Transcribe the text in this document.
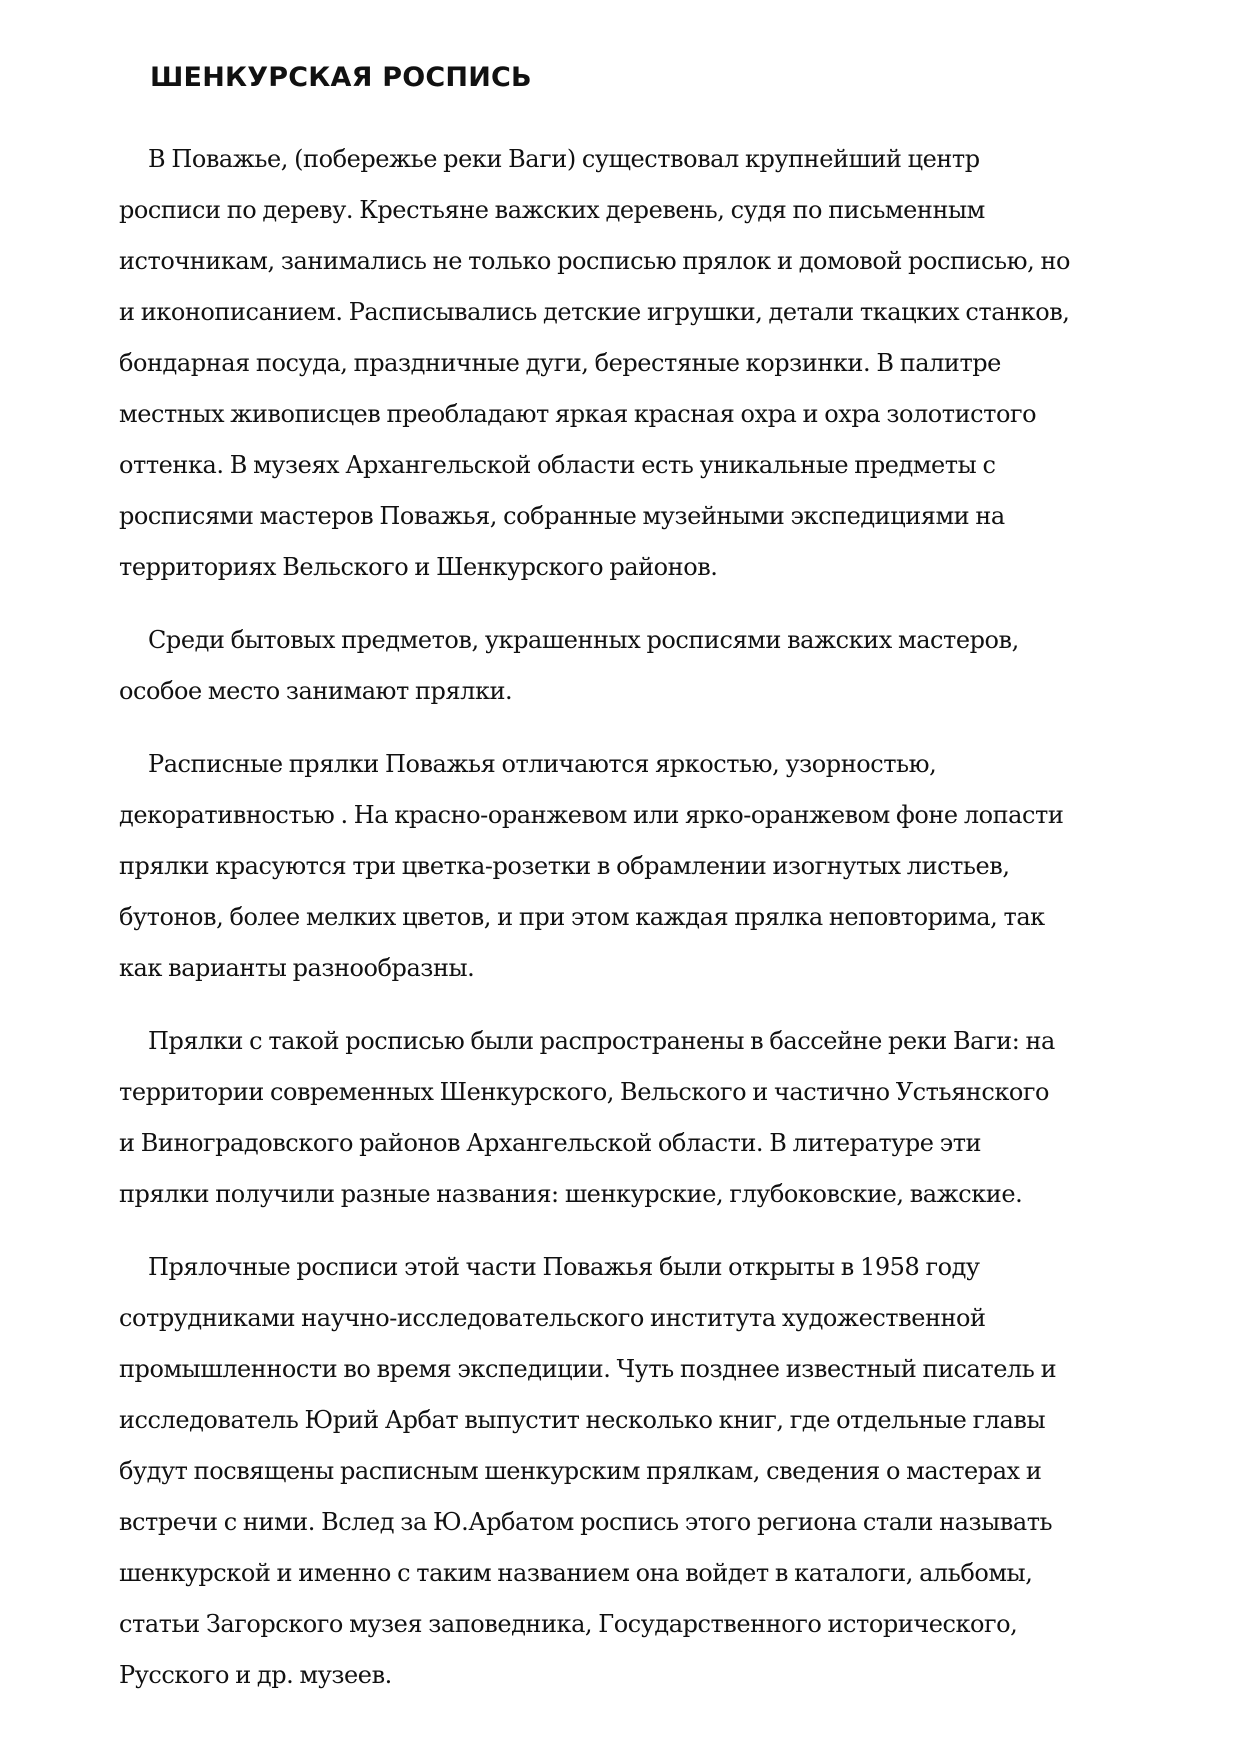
ШЕНКУРСКАЯ РОСПИСЬ

В Поважье, (побережье реки Ваги) существовал крупнейший центр
росписи по дереву. Крестьяне важских деревень, судя по письменным
источникам, занимались не только росписью прялок и домовой росписью, но
и иконописанием. Расписывались детские игрушки, детали ткацких станков,
бондарная посуда, праздничные дуги, берестяные корзинки. В палитре
местных живописцев преобладают яркая красная охра и охра золотистого
оттенка. В музеях Архангельской области есть уникальные предметы с
росписями мастеров Поважья, собранные музейными экспедициями на
территориях Вельского и Шенкурского районов.

Среди бытовых предметов, украшенных росписями важских мастеров,
особое место занимают прялки.

Расписные прялки Поважья отличаются яркостью, узорностью,
декоративностью . На красно-оранжевом или ярко-оранжевом фоне лопасти
прялки красуются три цветка-розетки в обрамлении изогнутых листьев,
бутонов, более мелких цветов, и при этом каждая прялка неповторима, так
как варианты разнообразны.

Прялки с такой росписью были распространены в бассейне реки Ваги: на
территории современных Шенкурского, Вельского и частично Устьянского
и Виноградовского районов Архангельской области. В литературе эти
прялки получили разные названия: шенкурские, глубоковские, важские.

Прялочные росписи этой части Поважья были открыты в 1958 году
сотрудниками научно-исследовательского института художественной
промышленности во время экспедиции. Чуть позднее известный писатель и
исследователь Юрий Арбат выпустит несколько книг, где отдельные главы
будут посвящены расписным шенкурским прялкам, сведения о мастерах и
встречи с ними. Вслед за Ю.Арбатом роспись этого региона стали называть
шенкурской и именно с таким названием она войдет в каталоги, альбомы,
статьи Загорского музея заповедника, Государственного исторического,
Русского и др. музеев.
